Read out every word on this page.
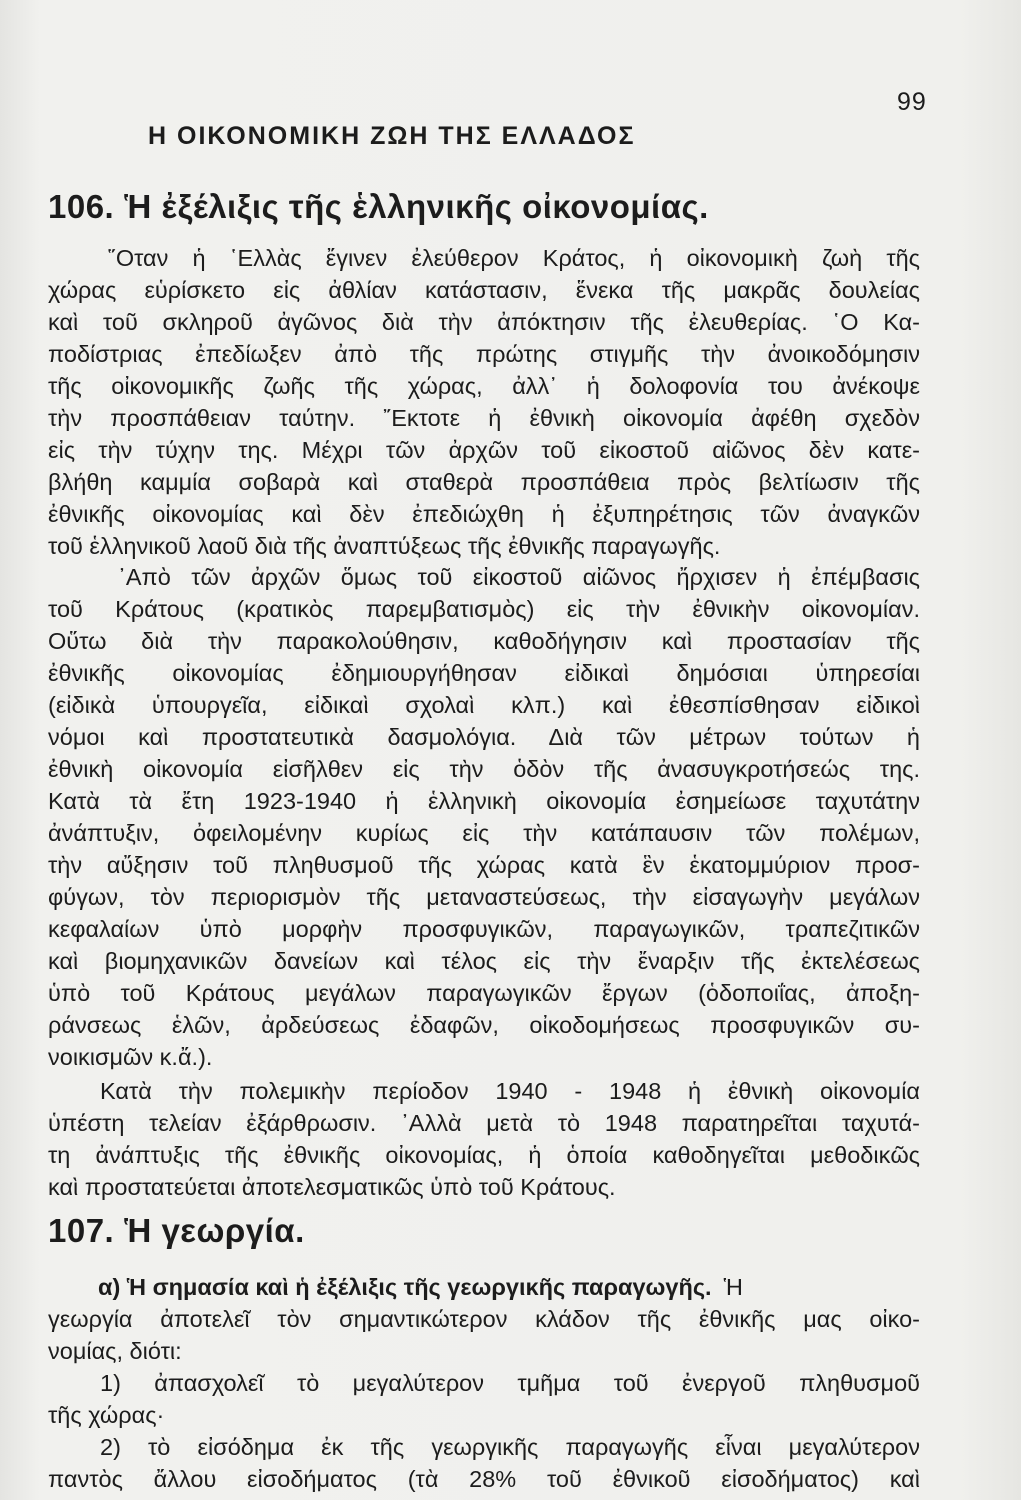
99
Η ΟΙΚΟΝΟΜΙΚΗ ΖΩΗ ΤΗΣ ΕΛΛΑΔΟΣ
106. Ἡ ἐξέλιξις τῆς ἑλληνικῆς οἰκονομίας.
῞Οταν ἡ ῾Ελλὰς ἔγινεν ἐλεύθερον Κράτος, ἡ οἰκονομικὴ ζωὴ τῆς
χώρας εὑρίσκετο εἰς ἀθλίαν κατάστασιν, ἕνεκα τῆς μακρᾶς δουλείας
καὶ τοῦ σκληροῦ ἀγῶνος διὰ τὴν ἀπόκτησιν τῆς ἐλευθερίας. ῾Ο Κα-
ποδίστριας ἐπεδίωξεν ἀπὸ τῆς πρώτης στιγμῆς τὴν ἀνοικοδόμησιν
τῆς οἰκονομικῆς ζωῆς τῆς χώρας, ἀλλ᾿ ἡ δολοφονία του ἀνέκοψε
τὴν προσπάθειαν ταύτην. ῎Εκτοτε ἡ ἐθνικὴ οἰκονομία ἀφέθη σχεδὸν
εἰς τὴν τύχην της. Μέχρι τῶν ἀρχῶν τοῦ εἰκοστοῦ αἰῶνος δὲν κατε-
βλήθη καμμία σοβαρὰ καὶ σταθερὰ προσπάθεια πρὸς βελτίωσιν τῆς
ἐθνικῆς οἰκονομίας καὶ δὲν ἐπεδιώχθη ἡ ἐξυπηρέτησις τῶν ἀναγκῶν
τοῦ ἑλληνικοῦ λαοῦ διὰ τῆς ἀναπτύξεως τῆς ἐθνικῆς παραγωγῆς.
᾿Απὸ τῶν ἀρχῶν ὅμως τοῦ εἰκοστοῦ αἰῶνος ἤρχισεν ἡ ἐπέμβασις
τοῦ Κράτους (κρατικὸς παρεμβατισμὸς) εἰς τὴν ἐθνικὴν οἰκονομίαν.
Οὕτω διὰ τὴν παρακολούθησιν, καθοδήγησιν καὶ προστασίαν τῆς
ἐθνικῆς οἰκονομίας ἐδημιουργήθησαν εἰδικαὶ δημόσιαι ὑπηρεσίαι
(εἰδικὰ ὑπουργεῖα, εἰδικαὶ σχολαὶ κλπ.) καὶ ἐθεσπίσθησαν εἰδικοὶ
νόμοι καὶ προστατευτικὰ δασμολόγια. Διὰ τῶν μέτρων τούτων ἡ
ἐθνικὴ οἰκονομία εἰσῆλθεν εἰς τὴν ὁδὸν τῆς ἀνασυγκροτήσεώς της.
Κατὰ τὰ ἔτη 1923-1940 ἡ ἑλληνικὴ οἰκονομία ἐσημείωσε ταχυτάτην
ἀνάπτυξιν, ὀφειλομένην κυρίως εἰς τὴν κατάπαυσιν τῶν πολέμων,
τὴν αὔξησιν τοῦ πληθυσμοῦ τῆς χώρας κατὰ ἓν ἑκατομμύριον προσ-
φύγων, τὸν περιορισμὸν τῆς μεταναστεύσεως, τὴν εἰσαγωγὴν μεγάλων
κεφαλαίων ὑπὸ μορφὴν προσφυγικῶν, παραγωγικῶν, τραπεζιτικῶν
καὶ βιομηχανικῶν δανείων καὶ τέλος εἰς τὴν ἔναρξιν τῆς ἐκτελέσεως
ὑπὸ τοῦ Κράτους μεγάλων παραγωγικῶν ἔργων (ὁδοποιΐας, ἀποξη-
ράνσεως ἑλῶν, ἀρδεύσεως ἐδαφῶν, οἰκοδομήσεως προσφυγικῶν συ-
νοικισμῶν κ.ἄ.).
Κατὰ τὴν πολεμικὴν περίοδον 1940 - 1948 ἡ ἐθνικὴ οἰκονομία
ὑπέστη τελείαν ἐξάρθρωσιν. ᾿Αλλὰ μετὰ τὸ 1948 παρατηρεῖται ταχυτά-
τη ἀνάπτυξις τῆς ἐθνικῆς οἰκονομίας, ἡ ὁποία καθοδηγεῖται μεθοδικῶς
καὶ προστατεύεται ἀποτελεσματικῶς ὑπὸ τοῦ Κράτους.
107. Ἡ γεωργία.
α) Ἡ σημασία καὶ ἡ ἐξέλιξις τῆς γεωργικῆς παραγωγῆς. Ἡ
γεωργία ἀποτελεῖ τὸν σημαντικώτερον κλάδον τῆς ἐθνικῆς μας οἰκο-
νομίας, διότι:
1) ἀπασχολεῖ τὸ μεγαλύτερον τμῆμα τοῦ ἐνεργοῦ πληθυσμοῦ
τῆς χώρας·
2) τὸ εἰσόδημα ἐκ τῆς γεωργικῆς παραγωγῆς εἶναι μεγαλύτερον
παντὸς ἄλλου εἰσοδήματος (τὰ 28% τοῦ ἐθνικοῦ εἰσοδήματος) καὶ
